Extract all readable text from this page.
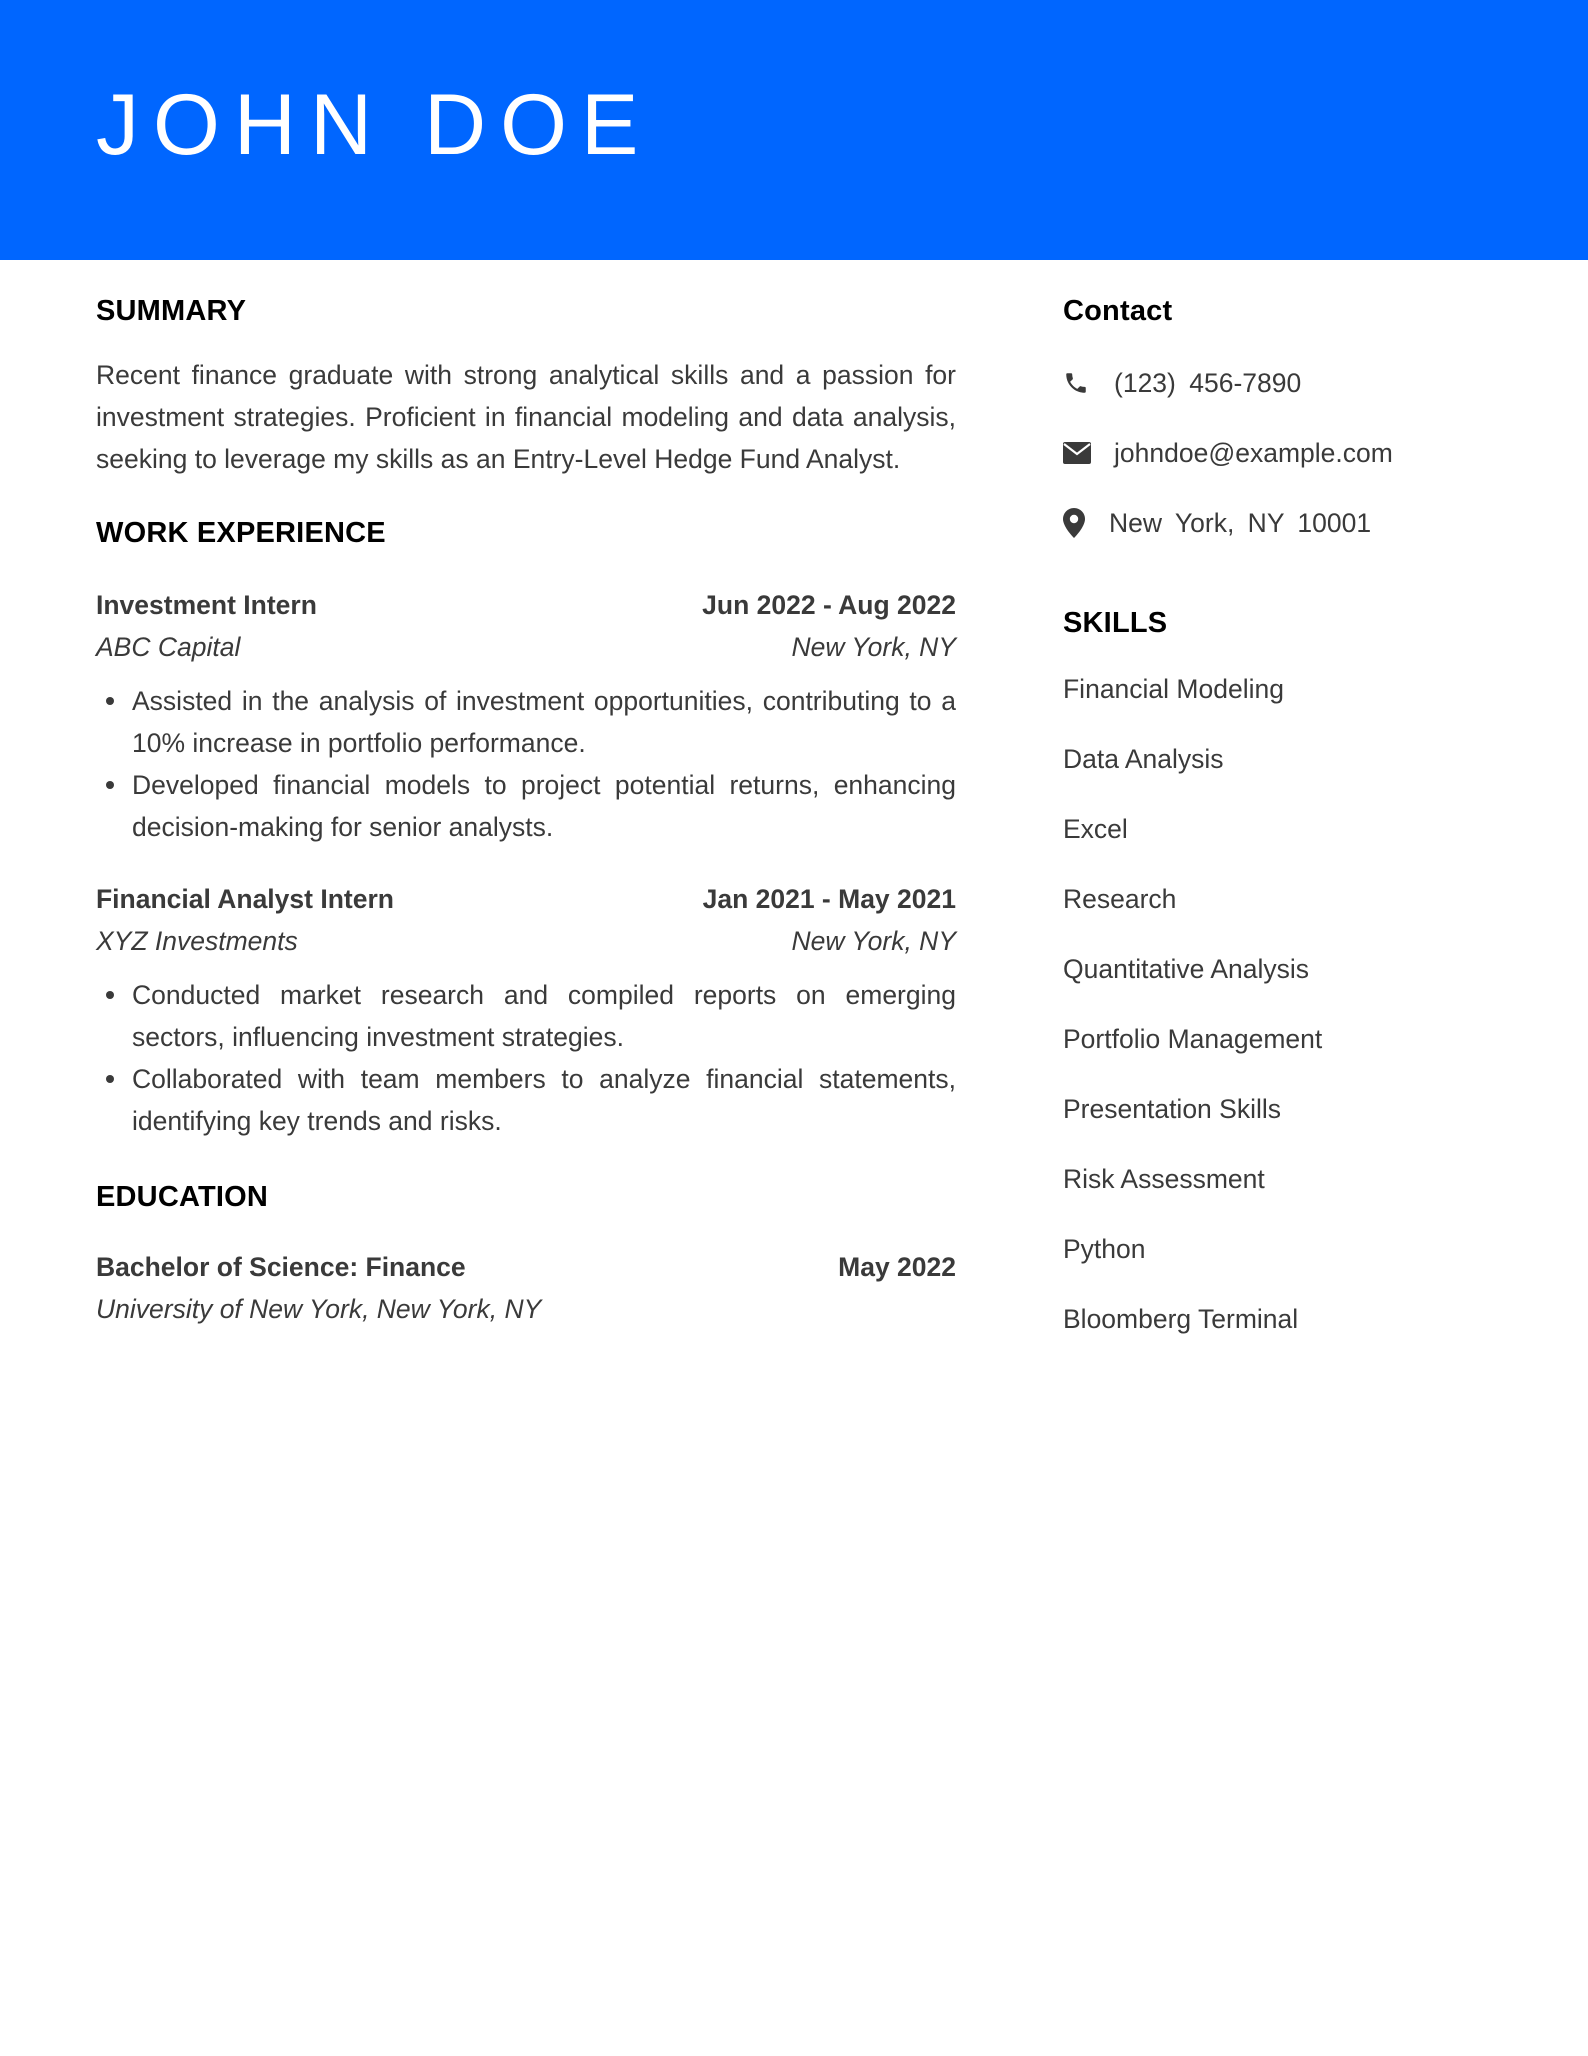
JOHN DOE
SUMMARY

Recent finance graduate with strong analytical skills and a passion for investment strategies. Proficient in financial modeling and data analysis, seeking to leverage my skills as an Entry-Level Hedge Fund Analyst.

WORK EXPERIENCE
Investment Intern	Jun 2022 - Aug 2022
ABC Capital	New York, NY
Assisted in the analysis of investment opportunities, contributing to a 10% increase in portfolio performance.
Developed financial models to project potential returns, enhancing decision-making for senior analysts.
Financial Analyst Intern	Jan 2021 - May 2021
XYZ Investments	New York, NY
Conducted market research and compiled reports on emerging sectors, influencing investment strategies.
Collaborated with team members to analyze financial statements, identifying key trends and risks.
EDUCATION
Bachelor of Science: Finance	May 2022
University of New York, New York, NY
Contact
(123) 456-7890
johndoe@example.com
New York, NY 10001
SKILLS
Financial Modeling
Data Analysis
Excel
Research
Quantitative Analysis
Portfolio Management
Presentation Skills
Risk Assessment
Python
Bloomberg Terminal
